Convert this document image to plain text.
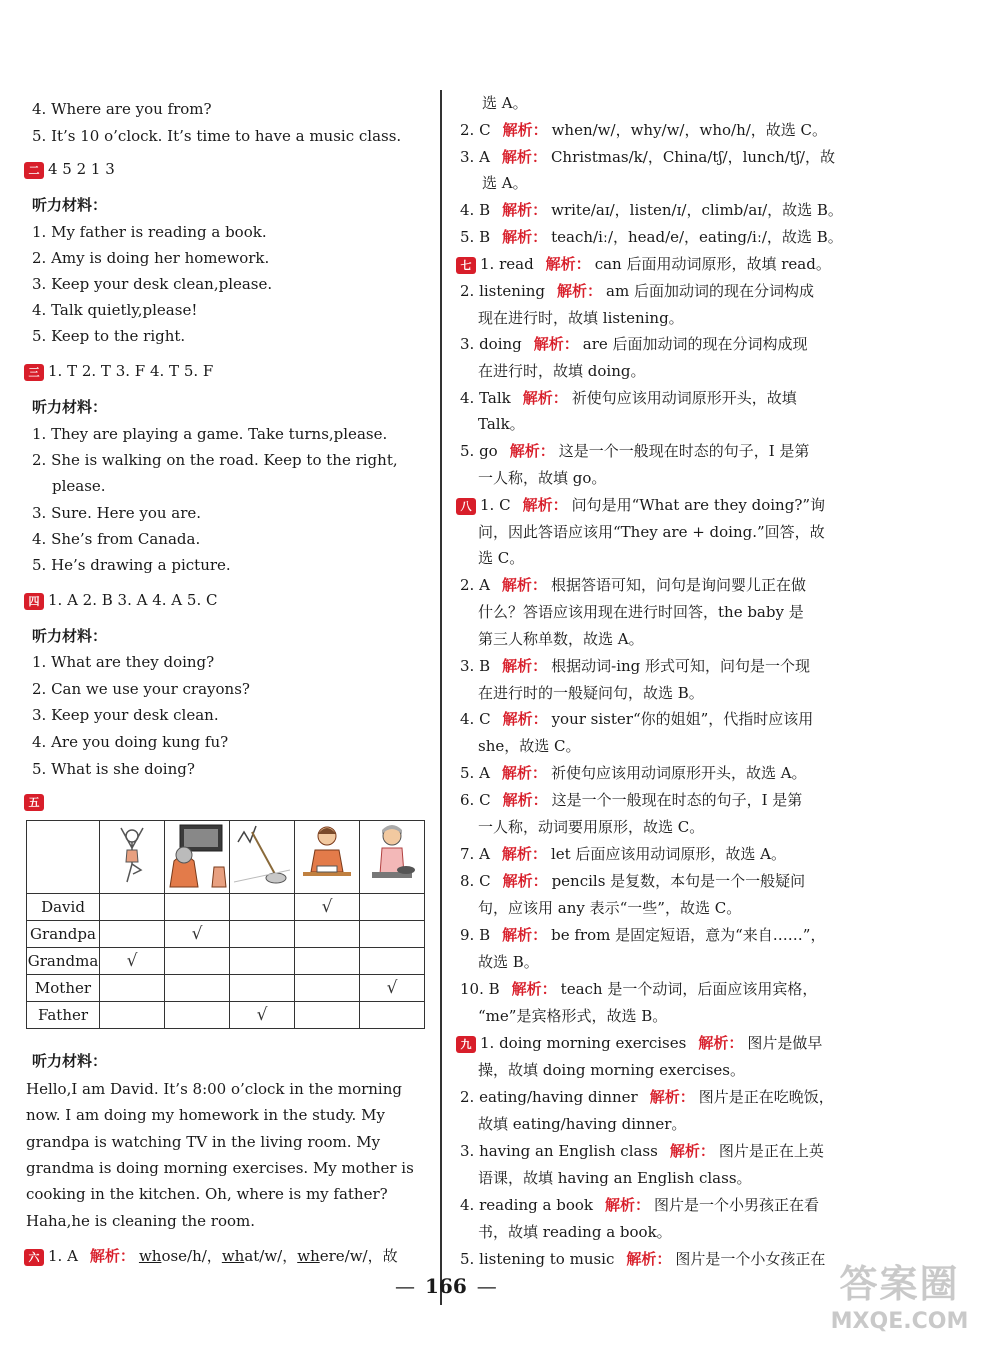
4. Where are you from?
5. It’s 10 o’clock. It’s time to have a music class.
二 4 5 2 1 3
听力材料：
1. My father is reading a book.
2. Amy is doing her homework.
3. Keep your desk clean,please.
4. Talk quietly,please!
5. Keep to the right.
三 1. T 2. T 3. F 4. T 5. F
听力材料：
1. They are playing a game. Take turns,please.
2. She is walking on the road. Keep to the right,
please.
3. Sure. Here you are.
4. She’s from Canada.
5. He’s drawing a picture.
四 1. A 2. B 3. A 4. A 5. C
听力材料：
1. What are they doing?
2. Can we use your crayons?
3. Keep your desk clean.
4. Are you doing kung fu?
5. What is she doing?
五

David				√	
Grandpa		√			
Grandma	√				
Mother					√
Father			√		
听力材料：
Hello,I am David. It’s 8:00 o’clock in the morning
now. I am doing my homework in the study. My
grandpa is watching TV in the living room. My
grandma is doing morning exercises. My mother is
cooking in the kitchen. Oh, where is my father?
Haha,he is cleaning the room.
六 1. A 解析： whose/h/，what/w/，where/w/，故
选 A。
2. C 解析： when/w/，why/w/，who/h/，故选 C。
3. A 解析： Christmas/k/，China/tʃ/，lunch/tʃ/，故
选 A。
4. B 解析： write/aɪ/，listen/ɪ/，climb/aɪ/，故选 B。
5. B 解析： teach/iː/，head/e/，eating/iː/，故选 B。
七 1. read 解析： can 后面用动词原形，故填 read。
2. listening 解析： am 后面加动词的现在分词构成
现在进行时，故填 listening。
3. doing 解析： are 后面加动词的现在分词构成现
在进行时，故填 doing。
4. Talk 解析： 祈使句应该用动词原形开头，故填
Talk。
5. go 解析： 这是一个一般现在时态的句子，I 是第
一人称，故填 go。
八 1. C 解析： 问句是用“What are they doing?”询
问，因此答语应该用“They are + doing.”回答，故
选 C。
2. A 解析： 根据答语可知，问句是询问婴儿正在做
什么？答语应该用现在进行时回答，the baby 是
第三人称单数，故选 A。
3. B 解析： 根据动词-ing 形式可知，问句是一个现
在进行时的一般疑问句，故选 B。
4. C 解析： your sister“你的姐姐”，代指时应该用
she，故选 C。
5. A 解析： 祈使句应该用动词原形开头，故选 A。
6. C 解析： 这是一个一般现在时态的句子，I 是第
一人称，动词要用原形，故选 C。
7. A 解析： let 后面应该用动词原形，故选 A。
8. C 解析： pencils 是复数，本句是一个一般疑问
句，应该用 any 表示“一些”，故选 C。
9. B 解析： be from 是固定短语，意为“来自……”，
故选 B。
10. B 解析： teach 是一个动词，后面应该用宾格，
“me”是宾格形式，故选 B。
九 1. doing morning exercises 解析： 图片是做早
操，故填 doing morning exercises。
2. eating/having dinner 解析： 图片是正在吃晚饭，
故填 eating/having dinner。
3. having an English class 解析： 图片是正在上英
语课，故填 having an English class。
4. reading a book 解析： 图片是一个小男孩正在看
书，故填 reading a book。
5. listening to music 解析： 图片是一个小女孩正在
— 166 —	答案圈
MXQE.COM
